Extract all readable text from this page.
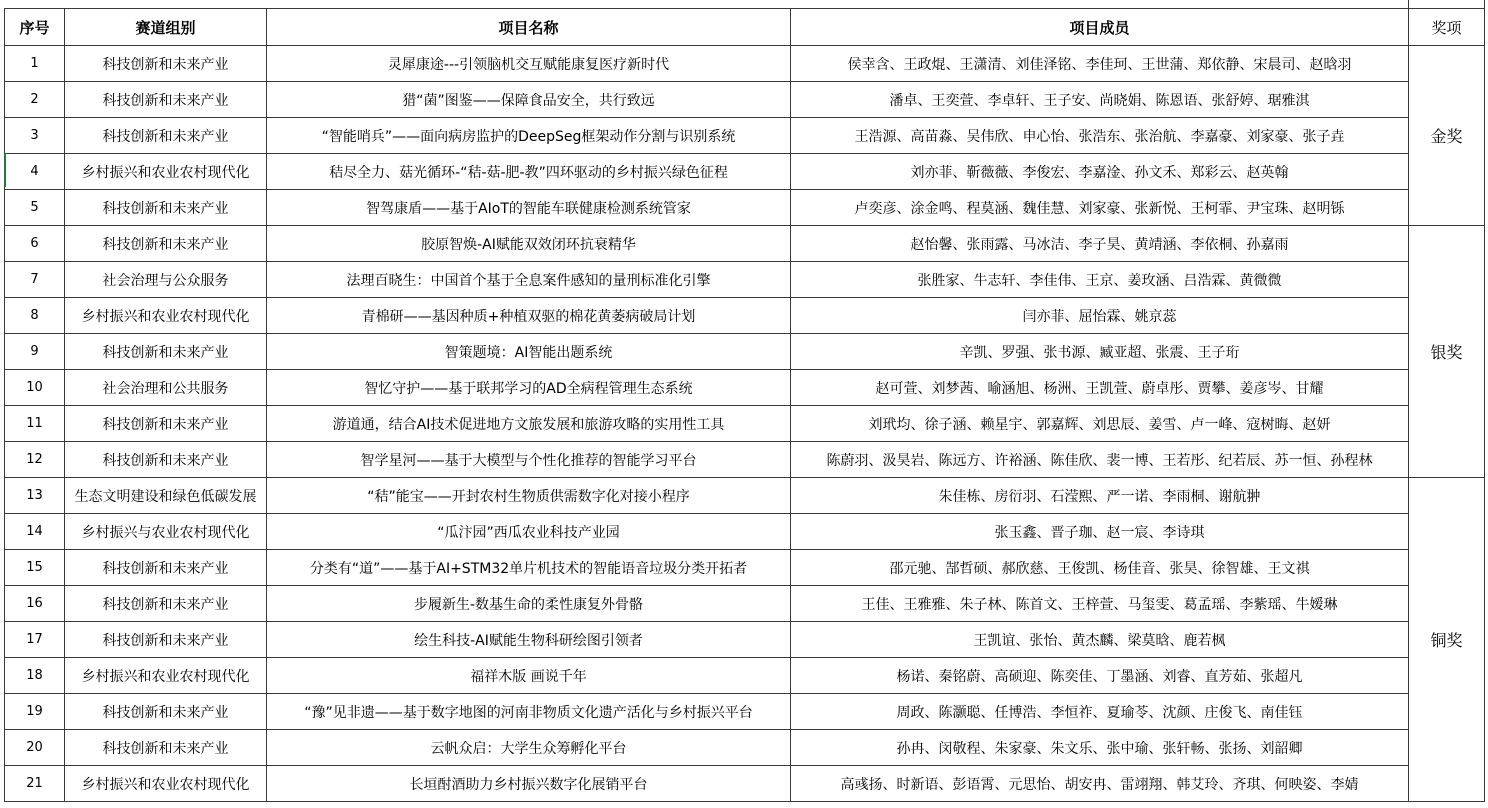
序号	赛道组别	项目名称	项目成员	奖项
1	科技创新和未来产业	灵犀康途---引领脑机交互赋能康复医疗新时代	侯幸含、王政焜、王潇清、刘佳泽铭、李佳珂、王世蒲、郑依静、宋晨司、赵晗羽	金奖
2	科技创新和未来产业	猎“菌”图鉴——保障食品安全，共行致远	潘卓、王奕萱、李卓轩、王子安、尚晓娟、陈恩语、张舒婷、琚雅淇	
3	科技创新和未来产业	“智能哨兵”——面向病房监护的DeepSeg框架动作分割与识别系统	王浩源、高苗淼、吴伟欣、申心怡、张浩东、张治航、李嘉豪、刘家豪、张子垚	
4	乡村振兴和农业农村现代化	秸尽全力、菇光循环-“秸-菇-肥-教”四环驱动的乡村振兴绿色征程	刘亦菲、靳薇薇、李俊宏、李嘉淦、孙文禾、郑彩云、赵英翰	
5	科技创新和未来产业	智驾康盾——基于AIoT的智能车联健康检测系统管家	卢奕彦、涂金鸣、程莫涵、魏佳慧、刘家豪、张新悦、王柯霏、尹宝珠、赵明铄	
6	科技创新和未来产业	胶原智焕-AI赋能双效闭环抗衰精华	赵怡馨、张雨露、马冰洁、李子昊、黄靖涵、李依桐、孙嘉雨	银奖
7	社会治理与公众服务	法理百晓生：中国首个基于全息案件感知的量刑标准化引擎	张胜家、牛志轩、李佳伟、王京、姜玫涵、吕浩霖、黄微微	
8	乡村振兴和农业农村现代化	青棉研——基因种质+种植双驱的棉花黄萎病破局计划	闫亦菲、屈怡霖、姚京蕊	
9	科技创新和未来产业	智策题境：AI智能出题系统	辛凯、罗强、张书源、臧亚超、张震、王子珩	
10	社会治理和公共服务	智忆守护——基于联邦学习的AD全病程管理生态系统	赵可萱、刘梦茜、喻涵旭、杨洲、王凯萱、蔚卓彤、贾攀、姜彦岑、甘耀	
11	科技创新和未来产业	游道通，结合AI技术促进地方文旅发展和旅游攻略的实用性工具	刘玳均、徐子涵、赖星宇、郭嘉辉、刘思辰、姜雪、卢一峰、寇树晦、赵妍	
12	科技创新和未来产业	智学星河——基于大模型与个性化推荐的智能学习平台	陈蔚羽、汲昊岩、陈远方、许裕涵、陈佳欣、裴一博、王若彤、纪若辰、苏一恒、孙程林	
13	生态文明建设和绿色低碳发展	“秸”能宝——开封农村生物质供需数字化对接小程序	朱佳栋、房衍羽、石滢熙、严一诺、李雨桐、谢航翀	铜奖
14	乡村振兴与农业农村现代化	“瓜汴园”西瓜农业科技产业园	张玉鑫、晋子珈、赵一宸、李诗琪	
15	科技创新和未来产业	分类有“道”——基于AI+STM32单片机技术的智能语音垃圾分类开拓者	邵元驰、郜哲硕、郝欣慈、王俊凯、杨佳音、张昊、徐智雄、王文祺	
16	科技创新和未来产业	步履新生-数基生命的柔性康复外骨骼	王佳、王雅雅、朱子林、陈首文、王梓萱、马玺雯、葛孟瑶、李紫瑶、牛嫒琳	
17	科技创新和未来产业	绘生科技-AI赋能生物科研绘图引领者	王凯谊、张怡、黄杰麟、梁莫晗、鹿若枫	
18	乡村振兴和农业农村现代化	福祥木版 画说千年	杨诺、秦铭蔚、高硕迎、陈奕佳、丁墨涵、刘睿、直芳茹、张超凡	
19	科技创新和未来产业	“豫”见非遗——基于数字地图的河南非物质文化遗产活化与乡村振兴平台	周政、陈灏聪、任博浩、李恒祚、夏瑜苓、沈颜、庄俊飞、南佳钰	
20	科技创新和未来产业	云帆众启：大学生众筹孵化平台	孙冉、闵敬程、朱家豪、朱文乐、张中瑜、张轩畅、张扬、刘韶卿	
21	乡村振兴和农业农村现代化	长垣酎酒助力乡村振兴数字化展销平台	高彧扬、时新语、彭语霄、元思怡、胡安冉、雷翊翔、韩艾玲、齐琪、何映姿、李婧	
